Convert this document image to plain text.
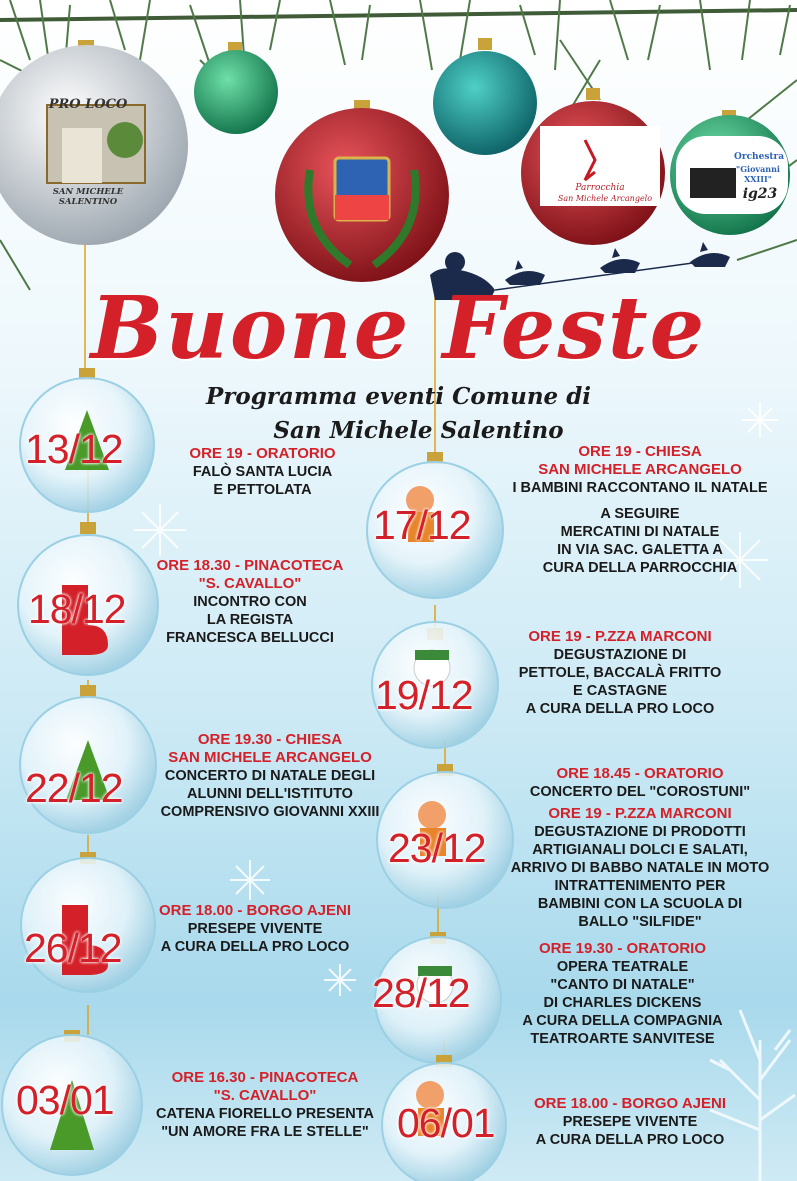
PRO LOCO
SAN MICHELE SALENTINO
Parrocchia
San Michele Arcangelo
Orchestra
"Giovanni XXIII"
ig23
Buone Feste
Programma eventi Comune di
San Michele Salentino
13/12
17/12
18/12
19/12
22/12
23/12
26/12
28/12
03/01	06/01
ORE 19 - ORATORIO
FALÒ SANTA LUCIA
E PETTOLATA
ORE 19 - CHIESA
SAN MICHELE ARCANGELO
I BAMBINI RACCONTANO IL NATALE
A SEGUIRE
MERCATINI DI NATALE
IN VIA SAC. GALETTA A
CURA DELLA PARROCCHIA
ORE 18.30 - PINACOTECA
"S. CAVALLO"
INCONTRO CON
LA REGISTA
FRANCESCA BELLUCCI	ORE 19 - P.ZZA MARCONI
DEGUSTAZIONE DI
PETTOLE, BACCALÀ FRITTO
E CASTAGNE
A CURA DELLA PRO LOCO
ORE 19.30 - CHIESA
SAN MICHELE ARCANGELO
CONCERTO DI NATALE DEGLI
ALUNNI DELL'ISTITUTO
COMPRENSIVO GIOVANNI XXIII
ORE 18.45 - ORATORIO
CONCERTO DEL "COROSTUNI"
ORE 19 - P.ZZA MARCONI
DEGUSTAZIONE DI PRODOTTI
ARTIGIANALI DOLCI E SALATI,
ARRIVO DI BABBO NATALE IN MOTO
INTRATTENIMENTO PER
BAMBINI CON LA SCUOLA DI
BALLO "SILFIDE"
ORE 18.00 - BORGO AJENI
PRESEPE VIVENTE
A CURA DELLA PRO LOCO	ORE 19.30 - ORATORIO
OPERA TEATRALE
"CANTO DI NATALE"
DI CHARLES DICKENS
A CURA DELLA COMPAGNIA
TEATROARTE SANVITESE
ORE 16.30 - PINACOTECA
"S. CAVALLO"
CATENA FIORELLO PRESENTA
"UN AMORE FRA LE STELLE"
ORE 18.00 - BORGO AJENI
PRESEPE VIVENTE
A CURA DELLA PRO LOCO
